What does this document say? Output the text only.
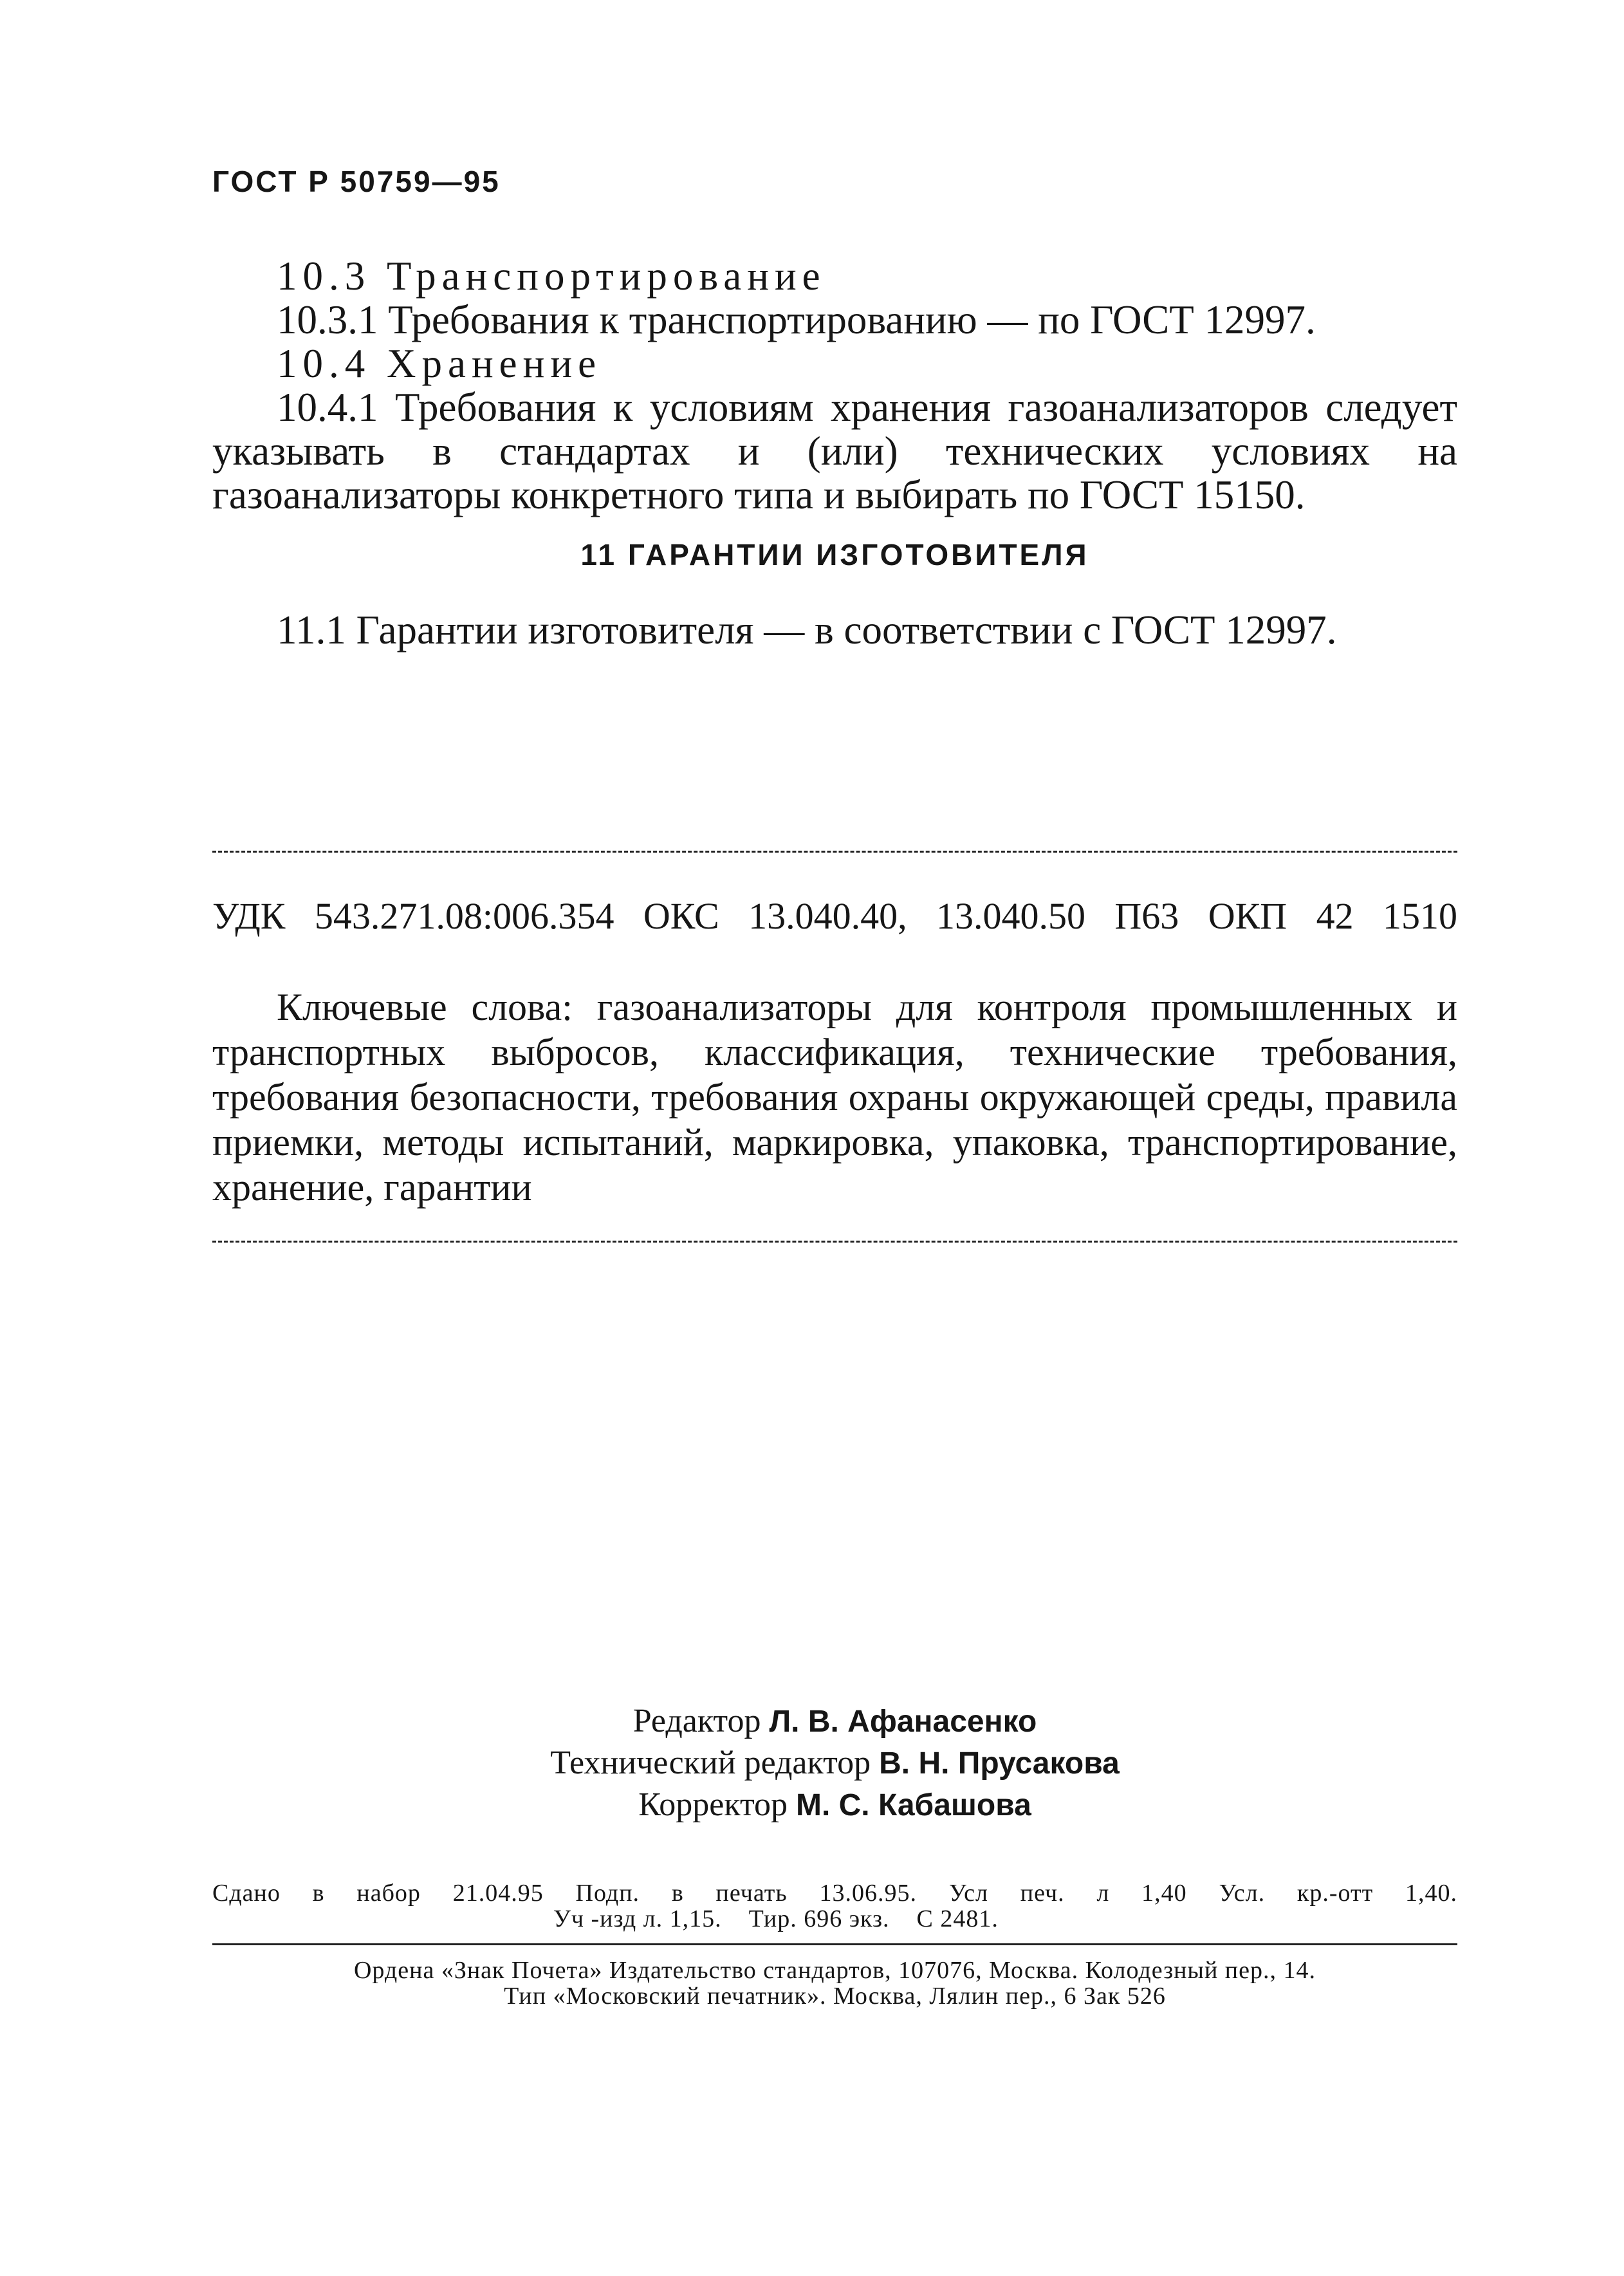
ГОСТ Р 50759—95
10.3 Транспортирование
10.3.1 Требования к транспортированию — по ГОСТ 12997.
10.4 Хранение
10.4.1 Требования к условиям хранения газоанализаторов следует указывать в стандартах и (или) технических условиях на газоанализаторы конкретного типа и выбирать по ГОСТ 15150.
11 ГАРАНТИИ ИЗГОТОВИТЕЛЯ
11.1 Гарантии изготовителя — в соответствии с ГОСТ 12997.
УДК 543.271.08:006.354 ОКС 13.040.40, 13.040.50 П63 ОКП 42 1510
Ключевые слова: газоанализаторы для контроля промышленных и транспортных выбросов, классификация, технические требования, требования безопасности, требования охраны окружающей среды, правила приемки, методы испытаний, маркировка, упаковка, транспортирование, хранение, гарантии
Редактор Л. В. Афанасенко
Технический редактор В. Н. Прусакова
Корректор М. С. Кабашова
Сдано в набор 21.04.95 Подп. в печать 13.06.95. Усл печ. л 1,40 Усл. кр.-отт 1,40.
Уч -изд л. 1,15. Тир. 696 экз. С 2481.
Ордена «Знак Почета» Издательство стандартов, 107076, Москва. Колодезный пер., 14.
Тип «Московский печатник». Москва, Лялин пер., 6 Зак 526
